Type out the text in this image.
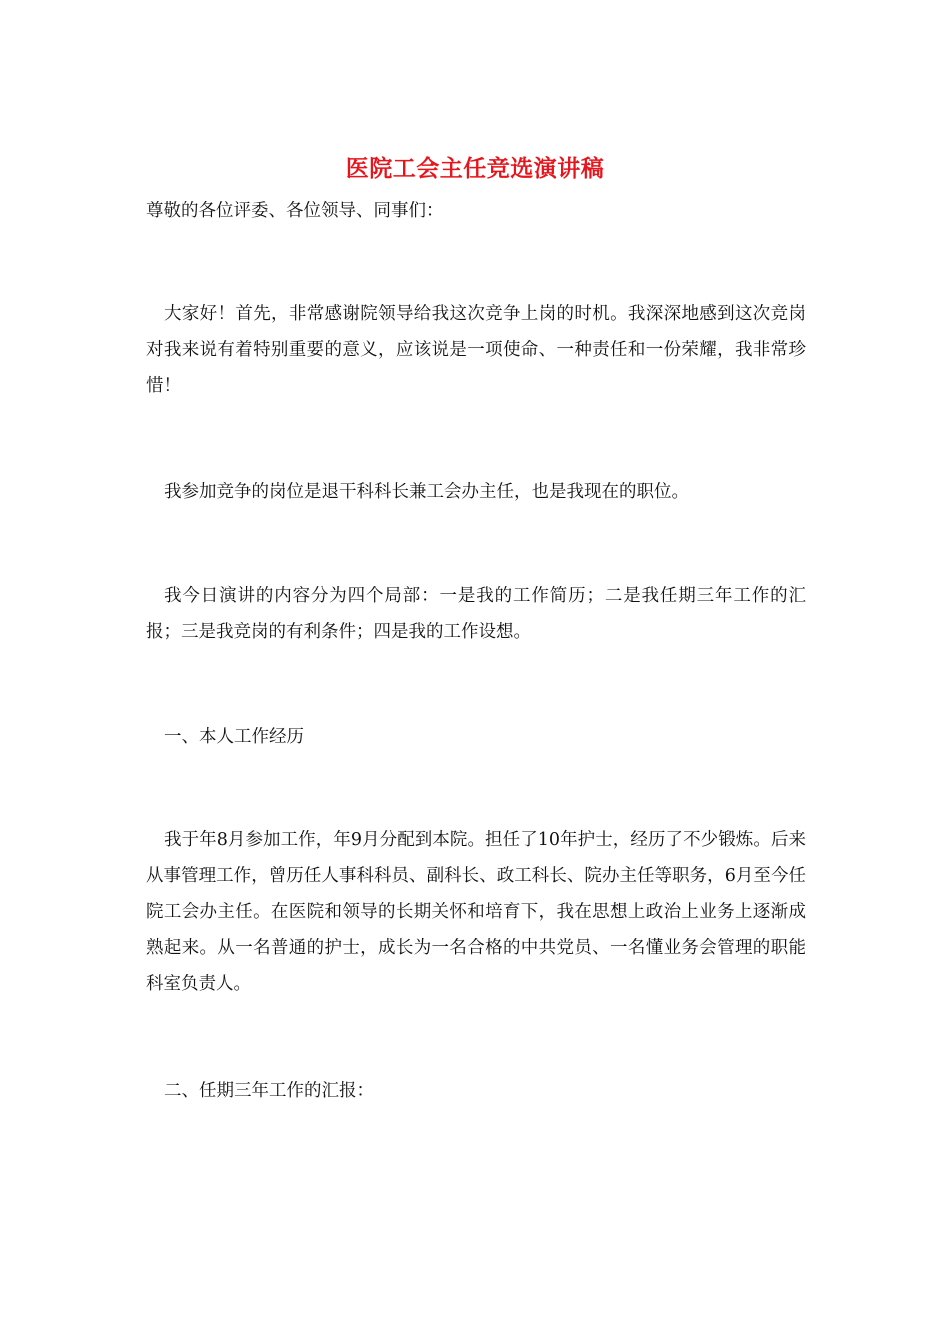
医院工会主任竞选演讲稿

尊敬的各位评委、各位领导、同事们：

大家好！首先，非常感谢院领导给我这次竞争上岗的时机。我深深地感到这次竞岗对我来说有着特别重要的意义，应该说是一项使命、一种责任和一份荣耀，我非常珍惜！

我参加竞争的岗位是退干科科长兼工会办主任，也是我现在的职位。

我今日演讲的内容分为四个局部：一是我的工作简历；二是我任期三年工作的汇报；三是我竞岗的有利条件；四是我的工作设想。

一、本人工作经历

我于年8月参加工作，年9月分配到本院。担任了10年护士，经历了不少锻炼。后来从事管理工作，曾历任人事科科员、副科长、政工科长、院办主任等职务，6月至今任院工会办主任。在医院和领导的长期关怀和培育下，我在思想上政治上业务上逐渐成熟起来。从一名普通的护士，成长为一名合格的中共党员、一名懂业务会管理的职能科室负责人。

二、任期三年工作的汇报：
